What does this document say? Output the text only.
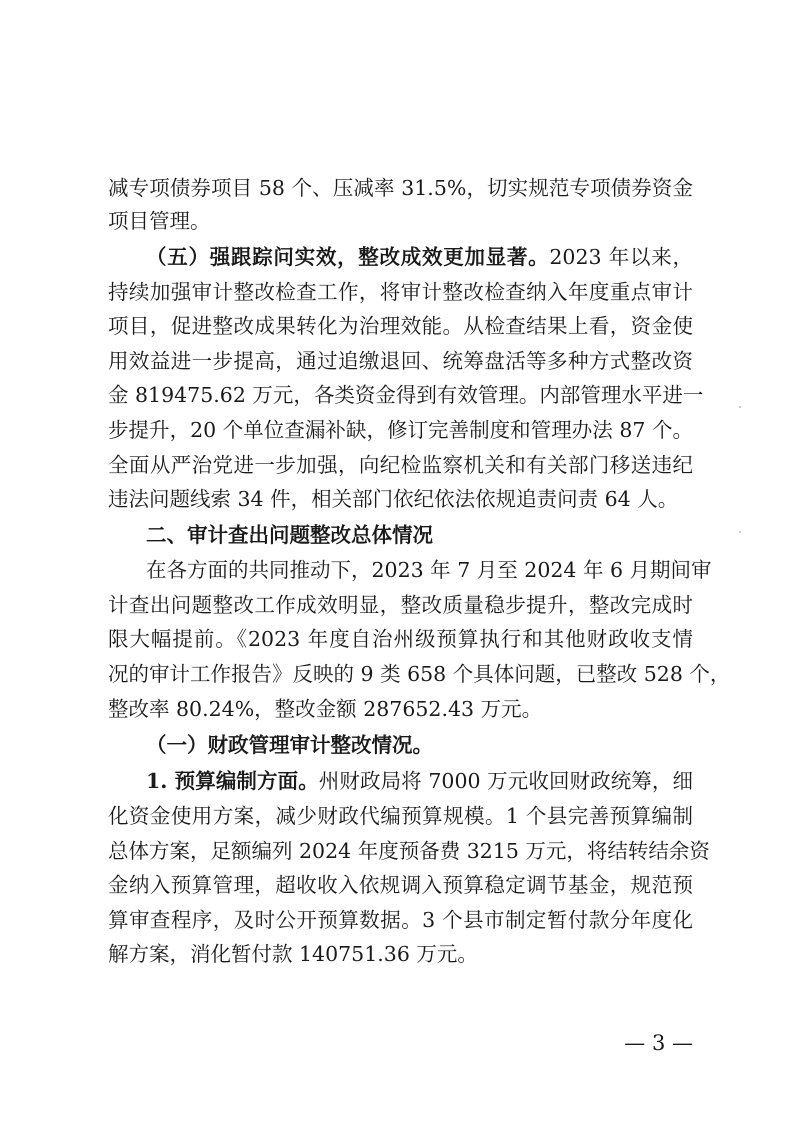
减专项债券项目 58 个、压减率 31.5%，切实规范专项债券资金
项目管理。
（五）强跟踪问实效，整改成效更加显著。2023 年以来，
持续加强审计整改检查工作，将审计整改检查纳入年度重点审计
项目，促进整改成果转化为治理效能。从检查结果上看，资金使
用效益进一步提高，通过追缴退回、统筹盘活等多种方式整改资
金 819475.62 万元，各类资金得到有效管理。内部管理水平进一
步提升，20 个单位查漏补缺，修订完善制度和管理办法 87 个。
全面从严治党进一步加强，向纪检监察机关和有关部门移送违纪
违法问题线索 34 件，相关部门依纪依法依规追责问责 64 人。
二、审计查出问题整改总体情况
在各方面的共同推动下，2023 年 7 月至 2024 年 6 月期间审
计查出问题整改工作成效明显，整改质量稳步提升，整改完成时
限大幅提前。《2023 年度自治州级预算执行和其他财政收支情
况的审计工作报告》反映的 9 类 658 个具体问题，已整改 528 个，
整改率 80.24%，整改金额 287652.43 万元。
（一）财政管理审计整改情况。
1. 预算编制方面。州财政局将 7000 万元收回财政统筹，细
化资金使用方案，减少财政代编预算规模。1 个县完善预算编制
总体方案，足额编列 2024 年度预备费 3215 万元，将结转结余资
金纳入预算管理，超收收入依规调入预算稳定调节基金，规范预
算审查程序，及时公开预算数据。3 个县市制定暂付款分年度化
解方案，消化暂付款 140751.36 万元。
— 3 —
